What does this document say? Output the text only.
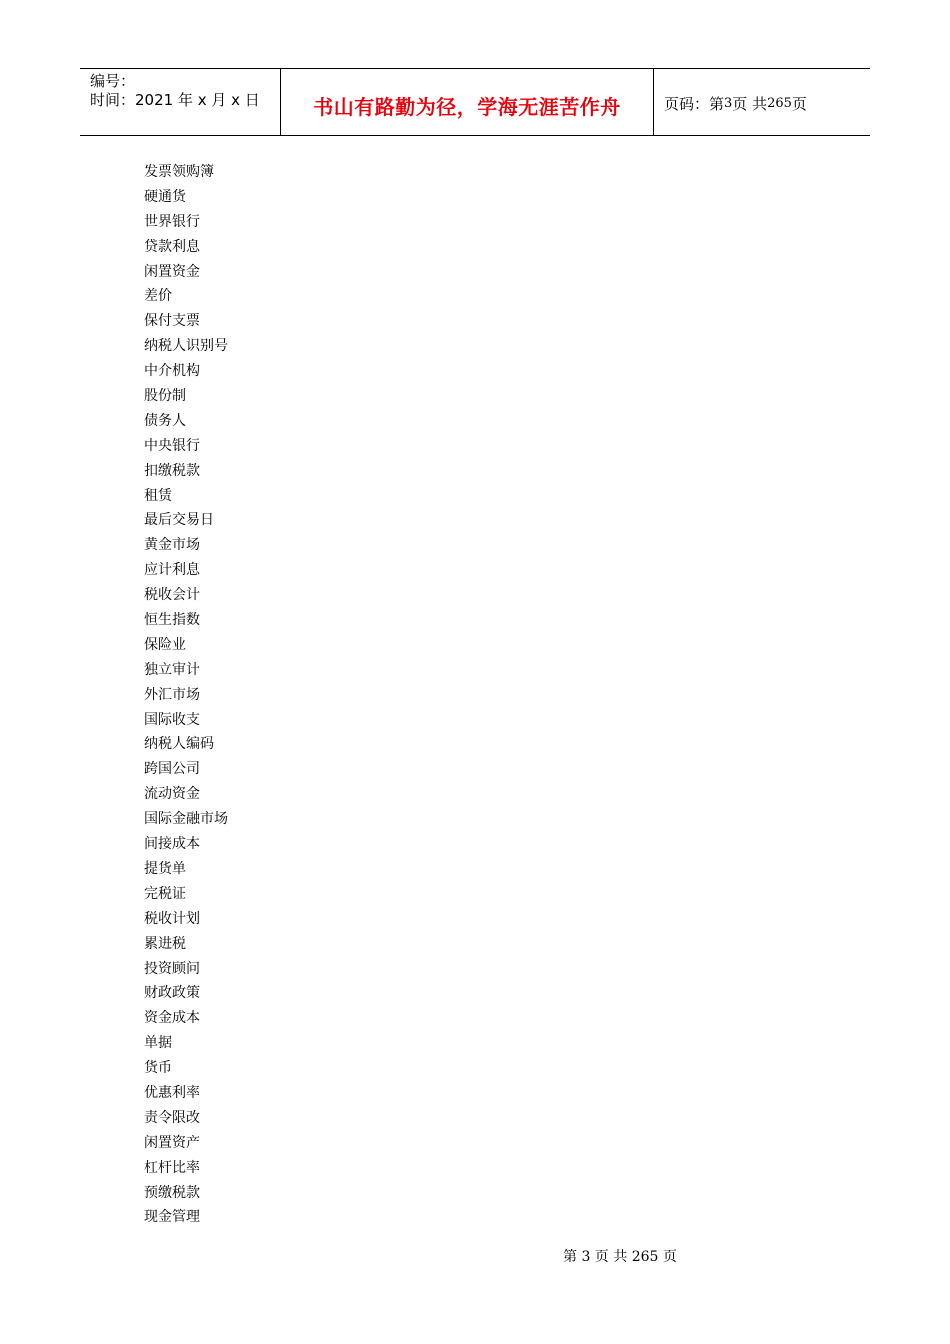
编号：
时间：2021 年 x 月 x 日	书山有路勤为径，学海无涯苦作舟	页码：第 3 页 共 265 页
发票领购簿
硬通货
世界银行
贷款利息
闲置资金
差价
保付支票
纳税人识别号
中介机构
股份制
债务人
中央银行
扣缴税款
租赁
最后交易日
黄金市场
应计利息
税收会计
恒生指数
保险业
独立审计
外汇市场
国际收支
纳税人编码
跨国公司
流动资金
国际金融市场
间接成本
提货单
完税证
税收计划
累进税
投资顾问
财政政策
资金成本
单据
货币
优惠利率
责令限改
闲置资产
杠杆比率
预缴税款
现金管理
第 3 页 共 265 页
